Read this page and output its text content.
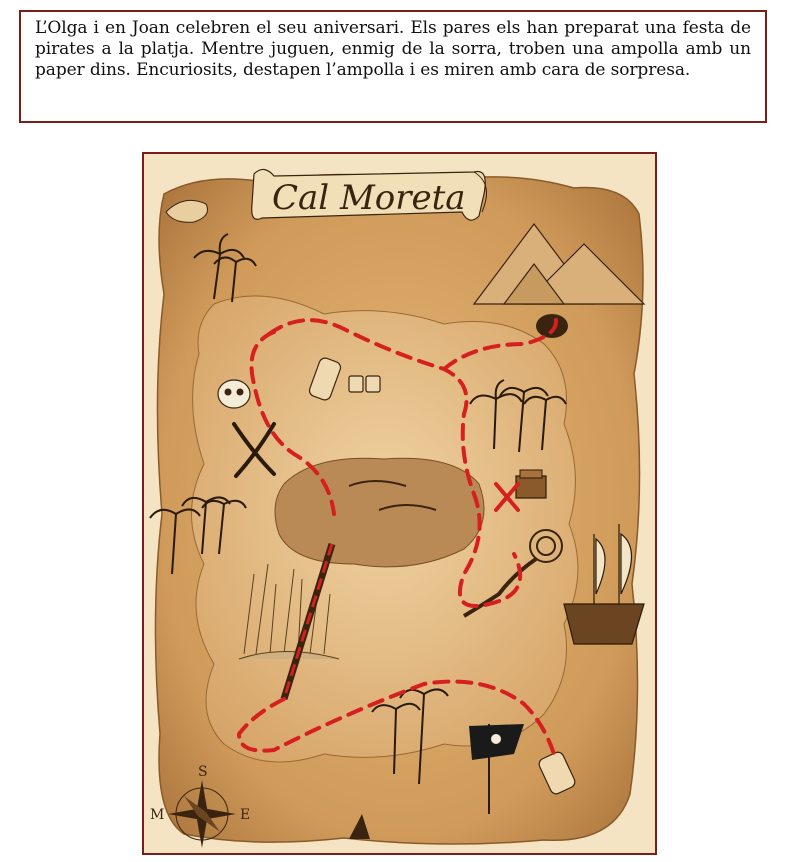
L’Olga i en Joan celebren el seu aniversari. Els pares els han preparat una festa de pirates a la platja. Mentre juguen, enmig de la sorra, troben una ampolla amb un paper dins. Encuriosits, destapen l’ampolla i es miren amb cara de sorpresa.

Cal Moreta
S
E
M
